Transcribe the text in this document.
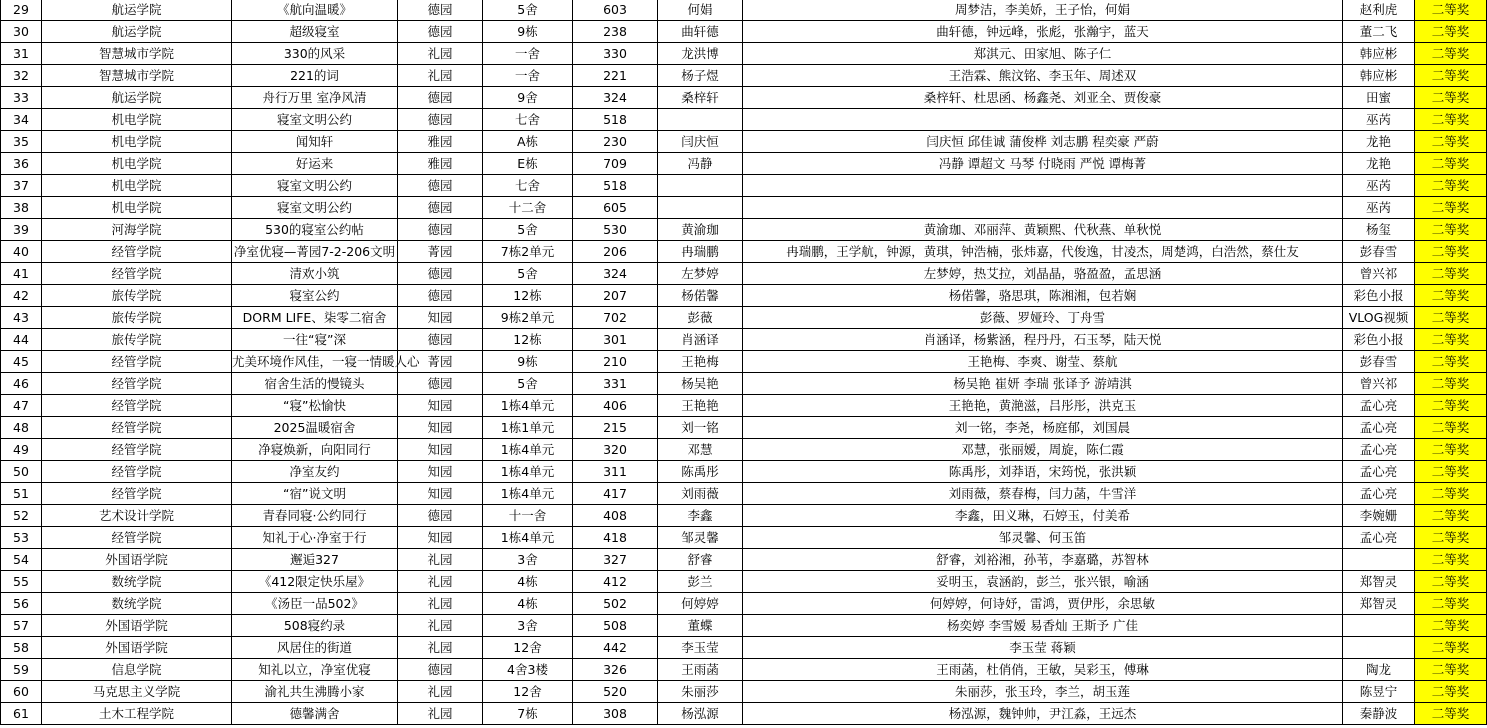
29	航运学院	《航向温暖》	德园	5舍	603	何娟	周梦洁，李美娇，王子怡，何娟	赵利虎	二等奖
30	航运学院	超级寝室	德园	9栋	238	曲轩德	曲轩德，钟远峰，张彪，张瀚宇，蓝天	董二飞	二等奖
31	智慧城市学院	330的风采	礼园	一舍	330	龙洪博	郑淇元、田家旭、陈子仁	韩应彬	二等奖
32	智慧城市学院	221的词	礼园	一舍	221	杨子煜	王浩霖、熊汶铭、李玉年、周述双	韩应彬	二等奖
33	航运学院	舟行万里 室净风清	德园	9舍	324	桑梓轩	桑梓轩、杜思函、杨鑫尧、刘亚全、贾俊豪	田蜜	二等奖
34	机电学院	寝室文明公约	德园	七舍	518			巫芮	二等奖
35	机电学院	闻知轩	雅园	A栋	230	闫庆恒	闫庆恒 邱佳诚 蒲俊桦 刘志鹏 程奕豪 严蔚	龙艳	二等奖
36	机电学院	好运来	雅园	E栋	709	冯静	冯静 谭超文 马琴 付晓雨 严悦 谭梅菁	龙艳	二等奖
37	机电学院	寝室文明公约	德园	七舍	518			巫芮	二等奖
38	机电学院	寝室文明公约	德园	十二舍	605			巫芮	二等奖
39	河海学院	530的寝室公约帖	德园	5舍	530	黄渝珈	黄渝珈、邓丽萍、黄颖熙、代秋燕、单秋悦	杨玺	二等奖
40	经管学院	净室优寝—菁园7-2-206文明	菁园	7栋2单元	206	冉瑞鹏	冉瑞鹏，王学航，钟源，黄琪，钟浩楠，张炜嘉，代俊逸，甘凌杰，周楚鸿，白浩然，蔡仕友	彭春雪	二等奖
41	经管学院	清欢小筑	德园	5舍	324	左梦婷	左梦婷，热艾拉，刘晶晶，骆盈盈，孟思涵	曾兴祁	二等奖
42	旅传学院	寝室公约	德园	12栋	207	杨偌馨	杨偌馨，骆思琪，陈湘湘，包若娴	彩色小报	二等奖
43	旅传学院	DORM LIFE、柒零二宿舍	知园	9栋2单元	702	彭薇	彭薇、罗娅玲、丁舟雪	VLOG视频	二等奖
44	旅传学院	一往“寝”深	德园	12栋	301	肖涵译	肖涵译，杨紫涵，程丹丹，石玉琴，陆天悦	彩色小报	二等奖
45	经管学院	尤美环境作风佳，一寝一情暖人心	菁园	9栋	210	王艳梅	王艳梅、李爽、谢莹、蔡航	彭春雪	二等奖
46	经管学院	宿舍生活的慢镜头	德园	5舍	331	杨吴艳	杨吴艳 崔妍 李瑞 张译予 游靖淇	曾兴祁	二等奖
47	经管学院	“寝”松愉快	知园	1栋4单元	406	王艳艳	王艳艳，黄滟滋，吕彤彤，洪克玉	孟心亮	二等奖
48	经管学院	2025温暖宿舍	知园	1栋1单元	215	刘一铭	刘一铭，李尧，杨庭郁，刘国晨	孟心亮	二等奖
49	经管学院	净寝焕新，向阳同行	知园	1栋4单元	320	邓慧	邓慧，张丽嫒，周旋，陈仁霞	孟心亮	二等奖
50	经管学院	净室友约	知园	1栋4单元	311	陈禹彤	陈禹彤，刘莽语，宋筠悦，张洪颖	孟心亮	二等奖
51	经管学院	“宿”说文明	知园	1栋4单元	417	刘雨薇	刘雨薇，蔡春梅，闫力菡，牛雪洋	孟心亮	二等奖
52	艺术设计学院	青春同寝·公约同行	德园	十一舍	408	李鑫	李鑫，田义琳，石婷玉，付美希	李婉姗	二等奖
53	经管学院	知礼于心·净室于行	知园	1栋4单元	418	邹灵馨	邹灵馨、何玉笛	孟心亮	二等奖
54	外国语学院	邂逅327	礼园	3舍	327	舒睿	舒睿，刘裕湘，孙苇，李嘉璐，苏智林		二等奖
55	数统学院	《412限定快乐屋》	礼园	4栋	412	彭兰	妥明玉，袁涵韵，彭兰，张兴银，喻涵	郑智灵	二等奖
56	数统学院	《汤臣一品502》	礼园	4栋	502	何婷婷	何婷婷，何诗妤，雷鸿，贾伊彤，余思敏	郑智灵	二等奖
57	外国语学院	508寝约录	礼园	3舍	508	董蝶	杨奕婷 李雪嫒 易香灿 王斯予 广佳		二等奖
58	外国语学院	风居住的街道	礼园	12舍	442	李玉莹	李玉莹 蒋颖		二等奖
59	信息学院	知礼以立，净室优寝	德园	4舍3楼	326	王雨菡	王雨菡，杜俏俏，王敏，吴彩玉，傅琳	陶龙	二等奖
60	马克思主义学院	渝礼共生沸腾小家	礼园	12舍	520	朱丽莎	朱丽莎，张玉玲，李兰，胡玉莲	陈昱宁	二等奖
61	土木工程学院	德馨满舍	礼园	7栋	308	杨泓源	杨泓源，魏钟帅，尹江淼，王远杰	秦静波	二等奖
